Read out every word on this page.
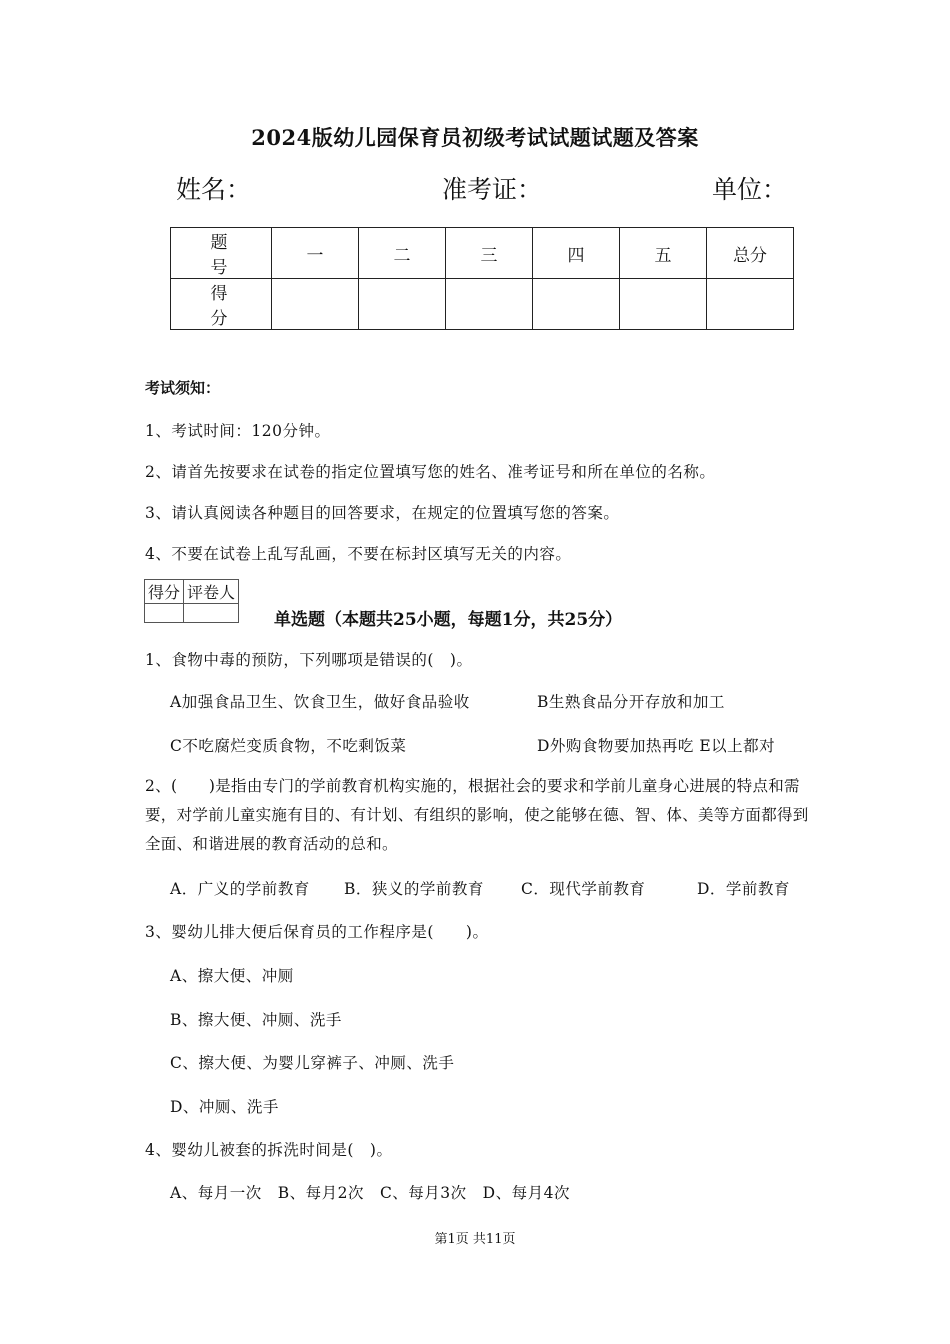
2024版幼儿园保育员初级考试试题试题及答案
姓名：	准考证：	单位：
题 号	一	二	三	四	五	总分
得 分						
考试须知：
1、考试时间：120分钟。
2、请首先按要求在试卷的指定位置填写您的姓名、准考证号和所在单位的名称。
3、请认真阅读各种题目的回答要求，在规定的位置填写您的答案。
4、不要在试卷上乱写乱画，不要在标封区填写无关的内容。
得分	评卷人

单选题（本题共25小题，每题1分，共25分）
1、食物中毒的预防，下列哪项是错误的(　)。
A加强食品卫生、饮食卫生，做好食品验收	B生熟食品分开存放和加工
C不吃腐烂变质食物，不吃剩饭菜	D外购食物要加热再吃 E以上都对
2、(　　)是指由专门的学前教育机构实施的，根据社会的要求和学前儿童身心进展的特点和需要，对学前儿童实施有目的、有计划、有组织的影响，使之能够在德、智、体、美等方面都得到全面、和谐进展的教育活动的总和。
A．广义的学前教育 B．狭义的学前教育 C．现代学前教育	D．学前教育
3、婴幼儿排大便后保育员的工作程序是(　　)。
A、擦大便、冲厕
B、擦大便、冲厕、洗手
C、擦大便、为婴儿穿裤子、冲厕、洗手
D、冲厕、洗手
4、婴幼儿被套的拆洗时间是(　)。
A、每月一次　B、每月2次　C、每月3次　D、每月4次
第1页 共11页
